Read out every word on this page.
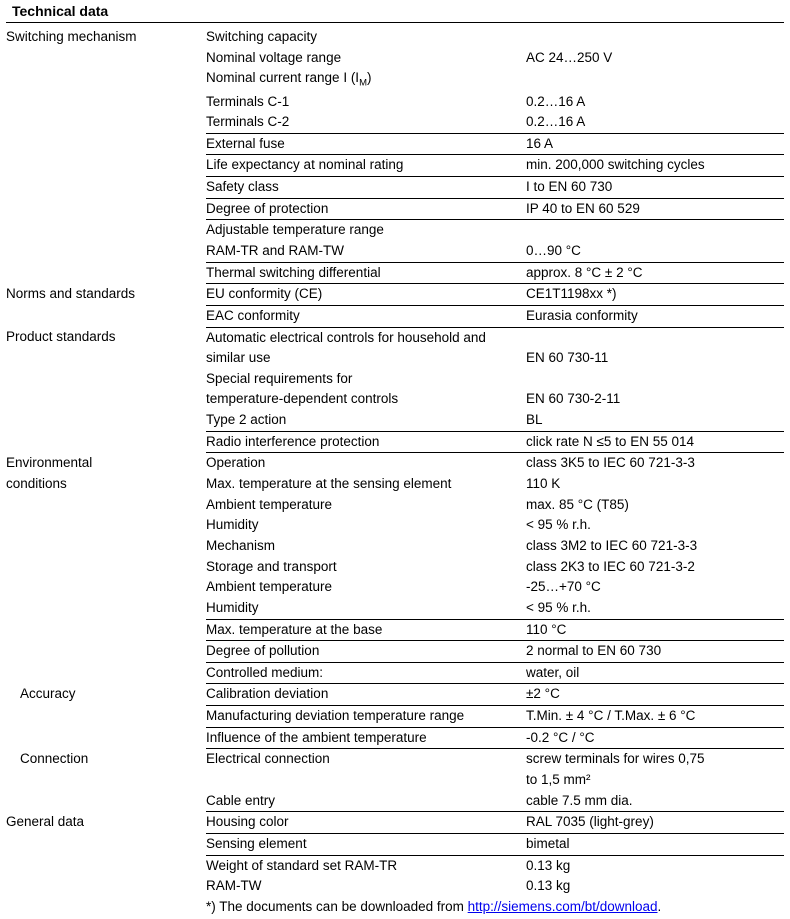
Technical data

Switching mechanism	Switching capacity	
	Nominal voltage range	AC 24…250 V
	Nominal current range I $(I_M)$	
	Terminals C-1	0.2…16 A
	Terminals C-2	0.2…16 A
	External fuse	16 A
	Life expectancy at nominal rating	min. 200,000 switching cycles
	Safety class	I to EN 60 730
	Degree of protection	IP 40 to EN 60 529
	Adjustable temperature range	
	RAM-TR and RAM-TW	0…90 °C
	Thermal switching differential	approx. 8 °C ± 2 °C
Norms and standards	EU conformity (CE)	CE1T1198xx *)
	EAC conformity	Eurasia conformity
Product standards	Automatic electrical controls for household and	
	similar use	EN 60 730-11
	Special requirements for	
	temperature-dependent controls	EN 60 730-2-11
	Type 2 action	BL
	Radio interference protection	click rate N ≤5 to EN 55 014
Environmental	Operation	class 3K5 to IEC 60 721-3-3
conditions	Max. temperature at the sensing element	110 K
	Ambient temperature	max. 85 °C (T85)
	Humidity	< 95 % r.h.
	Mechanism	class 3M2 to IEC 60 721-3-3
	Storage and transport	class 2K3 to IEC 60 721-3-2
	Ambient temperature	-25…+70 °C
	Humidity	< 95 % r.h.
	Max. temperature at the base	110 °C
	Degree of pollution	2 normal to EN 60 730
	Controlled medium:	water, oil
Accuracy	Calibration deviation	±2 °C
	Manufacturing deviation temperature range	T.Min. ± 4 °C / T.Max. ± 6 °C
	Influence of the ambient temperature	-0.2 °C / °C
Connection	Electrical connection	screw terminals for wires 0,75
		to 1,5 mm²
	Cable entry	cable 7.5 mm dia.
General data	Housing color	RAL 7035 (light-grey)
	Sensing element	bimetal
	Weight of standard set RAM-TR	0.13 kg
	RAM-TW	0.13 kg
	*) The documents can be downloaded from http://siemens.com/bt/download.	
